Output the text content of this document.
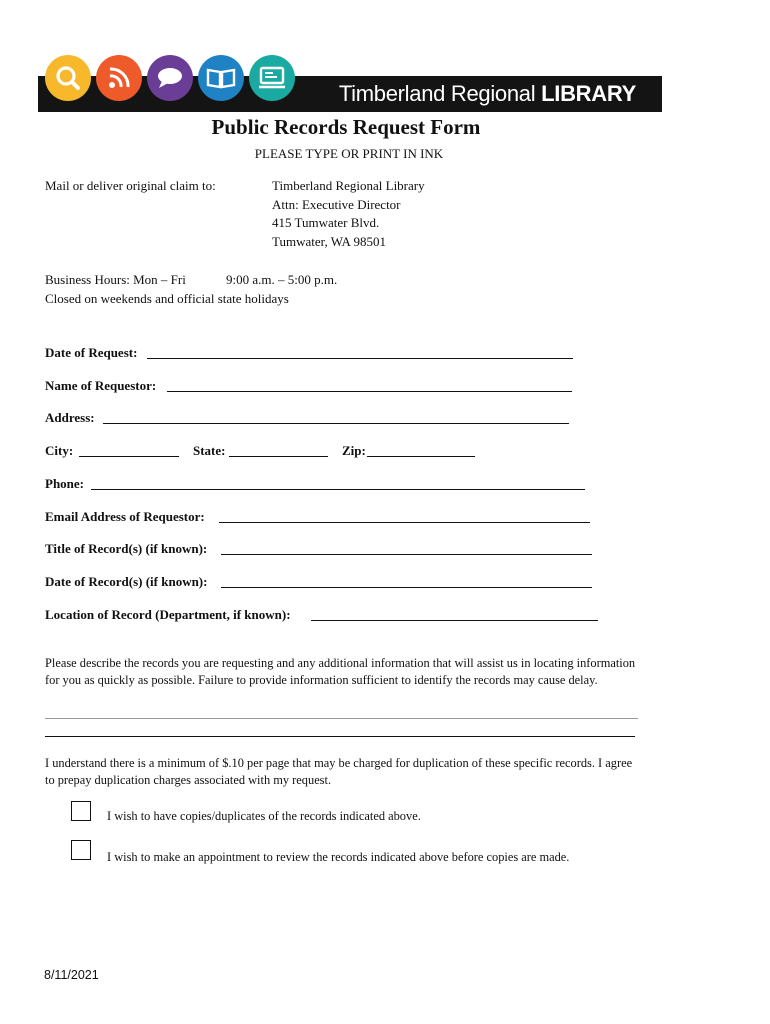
Timberland Regional LIBRARY
Public Records Request Form
PLEASE TYPE OR PRINT IN INK
Mail or deliver original claim to:	Timberland Regional Library
Attn: Executive Director
415 Tumwater Blvd.
Tumwater, WA 98501
Business Hours: Mon – Fri	9:00 a.m. – 5:00 p.m.
Closed on weekends and official state holidays
Date of Request:
Name of Requestor:
Address:
City:	State:	Zip:
Phone:
Email Address of Requestor:
Title of Record(s) (if known):
Date of Record(s) (if known):
Location of Record (Department, if known):
Please describe the records you are requesting and any additional information that will assist us in locating information for you as quickly as possible. Failure to provide information sufficient to identify the records may cause delay.
I understand there is a minimum of $.10 per page that may be charged for duplication of these specific records. I agree to prepay duplication charges associated with my request.
I wish to have copies/duplicates of the records indicated above.
I wish to make an appointment to review the records indicated above before copies are made.
8/11/2021
